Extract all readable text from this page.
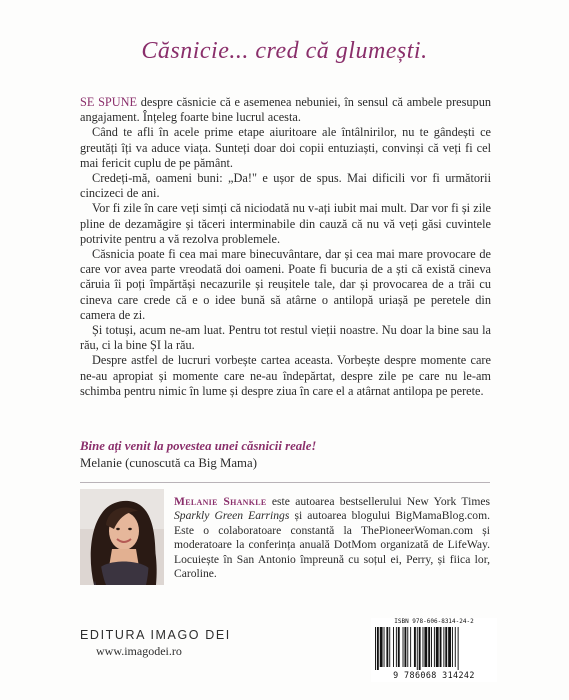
Căsnicie... cred că glumești.

SE SPUNE despre căsnicie că e asemenea nebuniei, în sensul că ambele presupun angajament. Înțeleg foarte bine lucrul acesta.

Când te afli în acele prime etape aiuritoare ale întâlnirilor, nu te gândești ce greutăți îți va aduce viața. Sunteți doar doi copii entuziaști, convinși că veți fi cel mai fericit cuplu de pe pământ.

Credeți-mă, oameni buni: „Da!" e ușor de spus. Mai dificili vor fi următorii cincizeci de ani.

Vor fi zile în care veți simți că niciodată nu v-ați iubit mai mult. Dar vor fi și zile pline de dezamăgire și tăceri interminabile din cauză că nu vă veți găsi cuvintele potrivite pentru a vă rezolva problemele.

Căsnicia poate fi cea mai mare binecuvântare, dar și cea mai mare provocare de care vor avea parte vreodată doi oameni. Poate fi bucuria de a ști că există cineva căruia îi poți împărtăși necazurile și reușitele tale, dar și provocarea de a trăi cu cineva care crede că e o idee bună să atârne o antilopă uriașă pe peretele din camera de zi.

Și totuși, acum ne-am luat. Pentru tot restul vieții noastre. Nu doar la bine sau la rău, ci la bine ȘI la rău.

Despre astfel de lucruri vorbește cartea aceasta. Vorbește despre momente care ne-au apropiat și momente care ne-au îndepărtat, despre zile pe care nu le-am schimba pentru nimic în lume și despre ziua în care el a atârnat antilopa pe perete.

Bine ați venit la povestea unei căsnicii reale!
Melanie (cunoscută ca Big Mama)
Melanie Shankle este autoarea bestsellerului New York Times Sparkly Green Earrings și autoarea blogului BigMamaBlog.com. Este o colaboratoare constantă la ThePioneerWoman.com și moderatoare la conferința anuală DotMom organizată de LifeWay. Locuiește în San Antonio împreună cu soțul ei, Perry, și fiica lor, Caroline.
EDITURA IMAGO DEI
www.imagodei.ro
ISBN 978-606-8314-24-2
9 786068 314242
